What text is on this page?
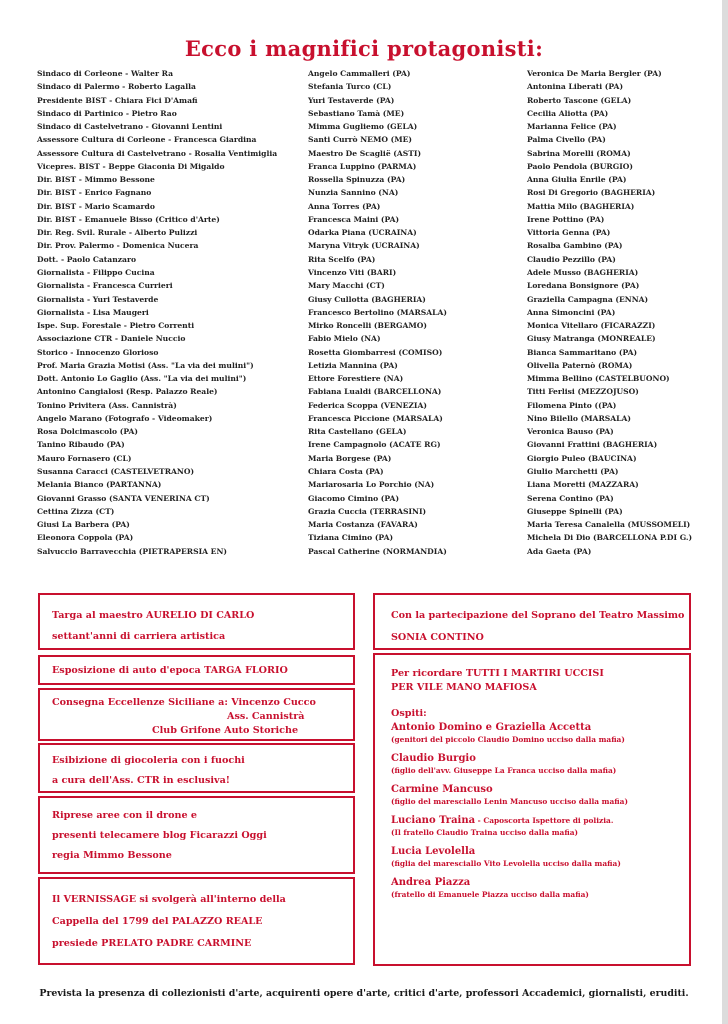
Ecco i magnifici protagonisti:
Sindaco di Corleone - Walter Ra
Sindaco di Palermo - Roberto Lagalla
Presidente BIST - Chiara Fici D'Amafi
Sindaco di Partinico - Pietro Rao
Sindaco di Castelvetrano - Giovanni Lentini
Assessore Cultura di Corleone - Francesca Giardina
Assessore Cultura di Castelvetrano - Rosalia Ventimiglia
Vicepres. BIST - Beppe Giaconia Di Migaldo
Dir. BIST - Mimmo Bessone
Dir. BIST - Enrico Fagnano
Dir. BIST - Mario Scamardo
Dir. BIST - Emanuele Bisso (Critico d'Arte)
Dir. Reg. Svil. Rurale - Alberto Pulizzi
Dir. Prov. Palermo - Domenica Nucera
Dott. - Paolo Catanzaro
Giornalista - Filippo Cucina
Giornalista - Francesca Currieri
Giornalista - Yuri Testaverde
Giornalista - Lisa Maugeri
Ispe. Sup. Forestale - Pietro Correnti
Associazione CTR - Daniele Nuccio
Storico - Innocenzo Glorioso
Prof. Maria Grazia Motisi (Ass. "La via dei mulini")
Dott. Antonio Lo Gaglio (Ass. "La via dei mulini")
Antonino Cangialosi (Resp. Palazzo Reale)
Tonino Privitera (Ass. Cannistrà)
Angelo Marano (Fotografo - Videomaker)
Rosa Dolcimascolo (PA)
Tanino Ribaudo (PA)
Mauro Fornasero (CL)
Susanna Caracci (CASTELVETRANO)
Melania Bianco (PARTANNA)
Giovanni Grasso (SANTA VENERINA CT)
Cettina Zizza (CT)
Giusi La Barbera (PA)
Eleonora Coppola (PA)
Salvuccio Barravecchia (PIETRAPERSIA EN)
Angelo Cammalleri (PA)
Stefania Turco (CL)
Yuri Testaverde (PA)
Sebastiano Tamà (ME)
Mimma Gugliemo (GELA)
Santi Currò NEMO (ME)
Maestro De Scaglië (ASTI)
Franca Luppino (PARMA)
Rossella Spinuzza (PA)
Nunzia Sannino (NA)
Anna Torres (PA)
Francesca Maini (PA)
Odarka Piana (UCRAINA)
Maryna Vitryk (UCRAINA)
Rita Scelfo (PA)
Vincenzo Viti (BARI)
Mary Macchi (CT)
Giusy Cullotta (BAGHERIA)
Francesco Bertolino (MARSALA)
Mirko Roncelli (BERGAMO)
Fabio Mielo (NA)
Rosetta Giombarresi (COMISO)
Letizia Mannina (PA)
Ettore Forestiere (NA)
Fabiana Lualdi (BARCELLONA)
Federica Scoppa (VENEZIA)
Francesca Piccione (MARSALA)
Rita Castellano (GELA)
Irene Campagnolo (ACATE RG)
Maria Borgese (PA)
Chiara Costa (PA)
Mariarosaria Lo Porchio (NA)
Giacomo Cimino (PA)
Grazia Cuccia (TERRASINI)
Maria Costanza (FAVARA)
Tiziana Cimino (PA)
Pascal Catherine (NORMANDIA)
Veronica De Maria Bergler (PA)
Antonina Liberati (PA)
Roberto Tascone (GELA)
Cecilia Aliotta (PA)
Marianna Felice (PA)
Palma Civello (PA)
Sabrina Morelli (ROMA)
Paolo Pendola (BURGIO)
Anna Giulia Enrile (PA)
Rosi Di Gregorio (BAGHERIA)
Mattia Milo (BAGHERIA)
Irene Pottino (PA)
Vittoria Genna (PA)
Rosalba Gambino (PA)
Claudio Pezzillo (PA)
Adele Musso (BAGHERIA)
Loredana Bonsignore (PA)
Graziella Campagna (ENNA)
Anna Simoncini (PA)
Monica Vitellaro (FICARAZZI)
Giusy Matranga (MONREALE)
Bianca Sammaritano (PA)
Olivella Paternò (ROMA)
Mimma Bellino (CASTELBUONO)
Titti Ferlisi (MEZZOJUSO)
Filomena Pinto ((PA)
Nino Bilello (MARSALA)
Veronica Bauso (PA)
Giovanni Frattini (BAGHERIA)
Giorgio Puleo (BAUCINA)
Giulio Marchetti (PA)
Liana Moretti (MAZZARA)
Serena Contino (PA)
Giuseppe Spinelli (PA)
Maria Teresa Canalella (MUSSOMELI)
Michela Di Dio (BARCELLONA P.DI G.)
Ada Gaeta (PA)

Targa al maestro AURELIO DI CARLO

settant'anni di carriera artistica

Esposizione di auto d'epoca TARGA FLORIO

Consegna Eccellenze Siciliane a: Vincenzo Cucco

Ass. Cannistrà

Club Grifone Auto Storiche

Esibizione di giocoleria con i fuochi

a cura dell'Ass. CTR in esclusiva!

Riprese aree con il drone e

presenti telecamere blog Ficarazzi Oggi

regia Mimmo Bessone

Il VERNISSAGE si svolgerà all'interno della

Cappella del 1799 del PALAZZO REALE

presiede PRELATO PADRE CARMINE

Con la partecipazione del Soprano del Teatro Massimo

SONIA CONTINO

Per ricordare TUTTI I MARTIRI UCCISI

PER VILE MANO MAFIOSA

Ospiti:

Antonio Domino e Graziella Accetta

(genitori del piccolo Claudio Domino ucciso dalla mafia)

Claudio Burgio

(figlio dell'avv. Giuseppe La Franca ucciso dalla mafia)

Carmine Mancuso

(figlio del maresciallo Lenin Mancuso ucciso dalla mafia)

Luciano Traina - Caposcorta Ispettore di polizia.

(Il fratello Claudio Traina ucciso dalla mafia)

Lucia Levolella

(figlia del maresciallo Vito Levolella ucciso dalla mafia)

Andrea Piazza

(fratello di Emanuele Piazza ucciso dalla mafia)

Prevista la presenza di collezionisti d'arte, acquirenti opere d'arte, critici d'arte, professori Accademici, giornalisti, eruditi.
